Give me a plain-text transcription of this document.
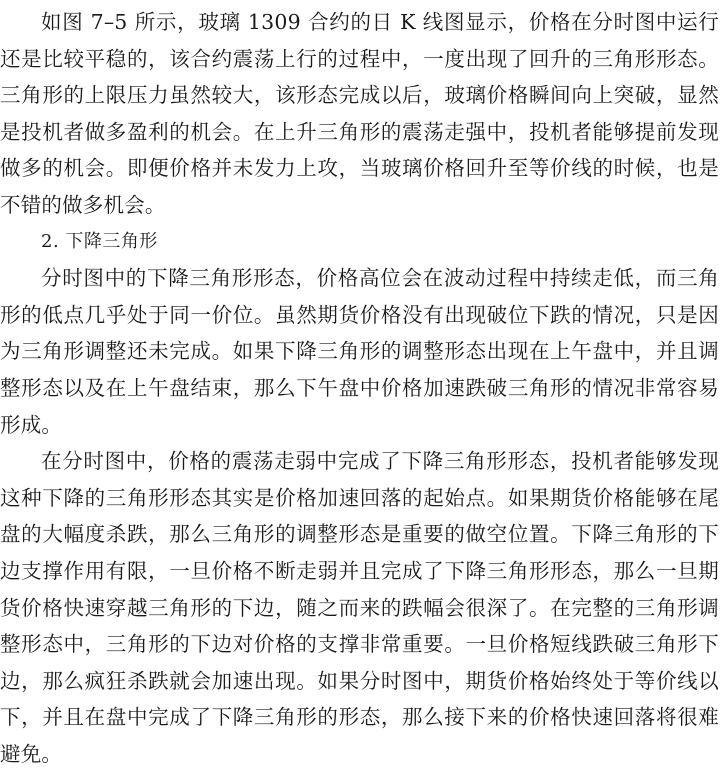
如图 7–5 所示，玻璃 1309 合约的日 K 线图显示，价格在分时图中运行还是比较平稳的，该合约震荡上行的过程中，一度出现了回升的三角形形态。三角形的上限压力虽然较大，该形态完成以后，玻璃价格瞬间向上突破，显然是投机者做多盈利的机会。在上升三角形的震荡走强中，投机者能够提前发现做多的机会。即便价格并未发力上攻，当玻璃价格回升至等价线的时候，也是不错的做多机会。

2. 下降三角形

分时图中的下降三角形形态，价格高位会在波动过程中持续走低，而三角形的低点几乎处于同一价位。虽然期货价格没有出现破位下跌的情况，只是因为三角形调整还未完成。如果下降三角形的调整形态出现在上午盘中，并且调整形态以及在上午盘结束，那么下午盘中价格加速跌破三角形的情况非常容易形成。

在分时图中，价格的震荡走弱中完成了下降三角形形态，投机者能够发现这种下降的三角形形态其实是价格加速回落的起始点。如果期货价格能够在尾盘的大幅度杀跌，那么三角形的调整形态是重要的做空位置。下降三角形的下边支撑作用有限，一旦价格不断走弱并且完成了下降三角形形态，那么一旦期货价格快速穿越三角形的下边，随之而来的跌幅会很深了。在完整的三角形调整形态中，三角形的下边对价格的支撑非常重要。一旦价格短线跌破三角形下边，那么疯狂杀跌就会加速出现。如果分时图中，期货价格始终处于等价线以下，并且在盘中完成了下降三角形的形态，那么接下来的价格快速回落将很难避免。
